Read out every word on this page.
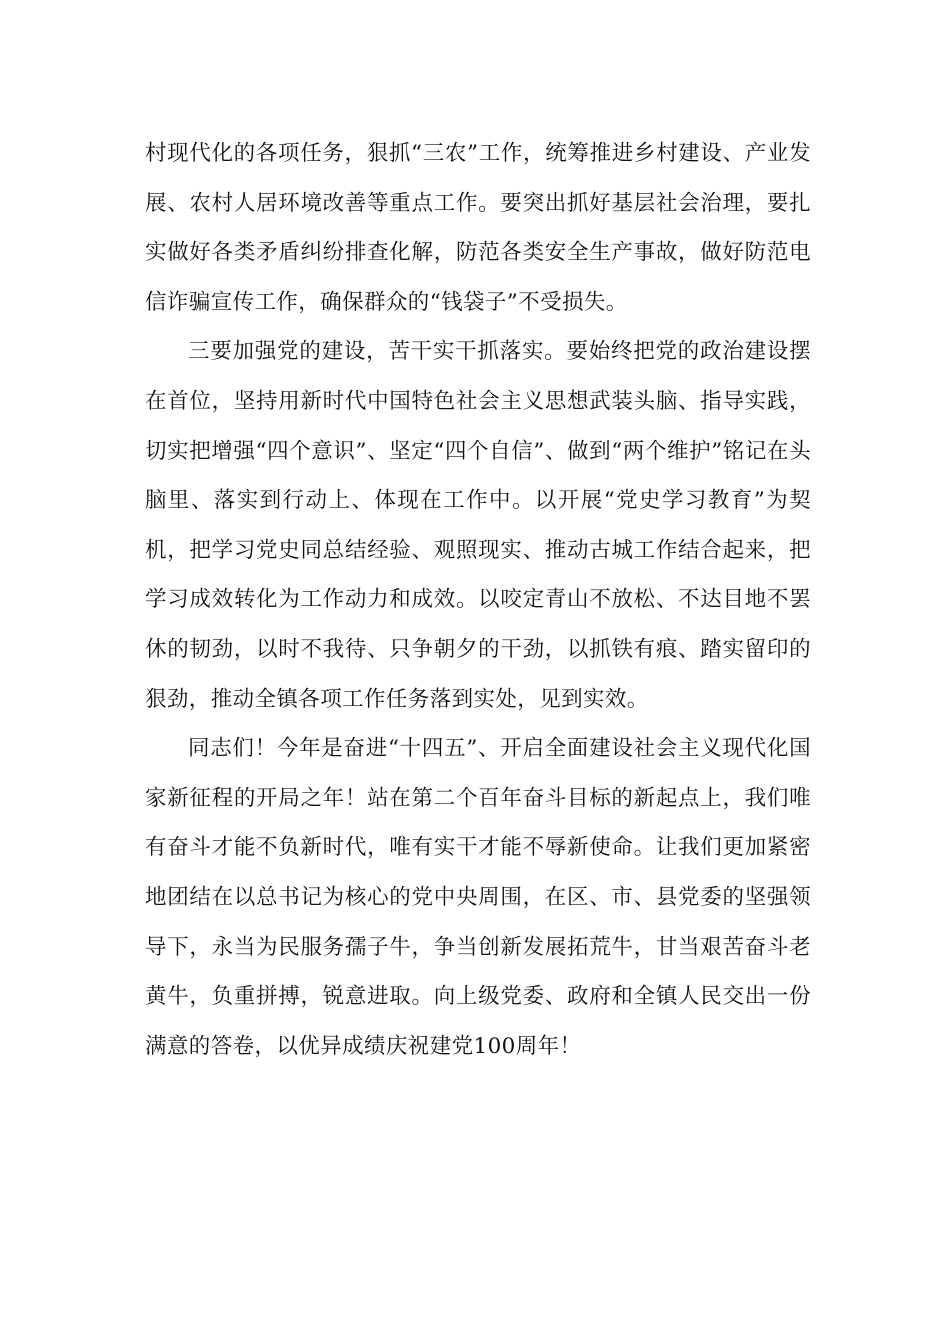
村现代化的各项任务，狠抓“三农”工作，统筹推进乡村建设、产业发展、农村人居环境改善等重点工作。要突出抓好基层社会治理，要扎实做好各类矛盾纠纷排查化解，防范各类安全生产事故，做好防范电信诈骗宣传工作，确保群众的“钱袋子”不受损失。

三要加强党的建设，苦干实干抓落实。要始终把党的政治建设摆在首位，坚持用新时代中国特色社会主义思想武装头脑、指导实践，切实把增强“四个意识”、坚定“四个自信”、做到“两个维护”铭记在头脑里、落实到行动上、体现在工作中。以开展“党史学习教育”为契机，把学习党史同总结经验、观照现实、推动古城工作结合起来，把学习成效转化为工作动力和成效。以咬定青山不放松、不达目地不罢休的韧劲，以时不我待、只争朝夕的干劲，以抓铁有痕、踏实留印的狠劲，推动全镇各项工作任务落到实处，见到实效。

同志们！今年是奋进“十四五”、开启全面建设社会主义现代化国家新征程的开局之年！站在第二个百年奋斗目标的新起点上，我们唯有奋斗才能不负新时代，唯有实干才能不辱新使命。让我们更加紧密地团结在以总书记为核心的党中央周围，在区、市、县党委的坚强领导下，永当为民服务孺子牛，争当创新发展拓荒牛，甘当艰苦奋斗老黄牛，负重拼搏，锐意进取。向上级党委、政府和全镇人民交出一份满意的答卷，以优异成绩庆祝建党100周年！
